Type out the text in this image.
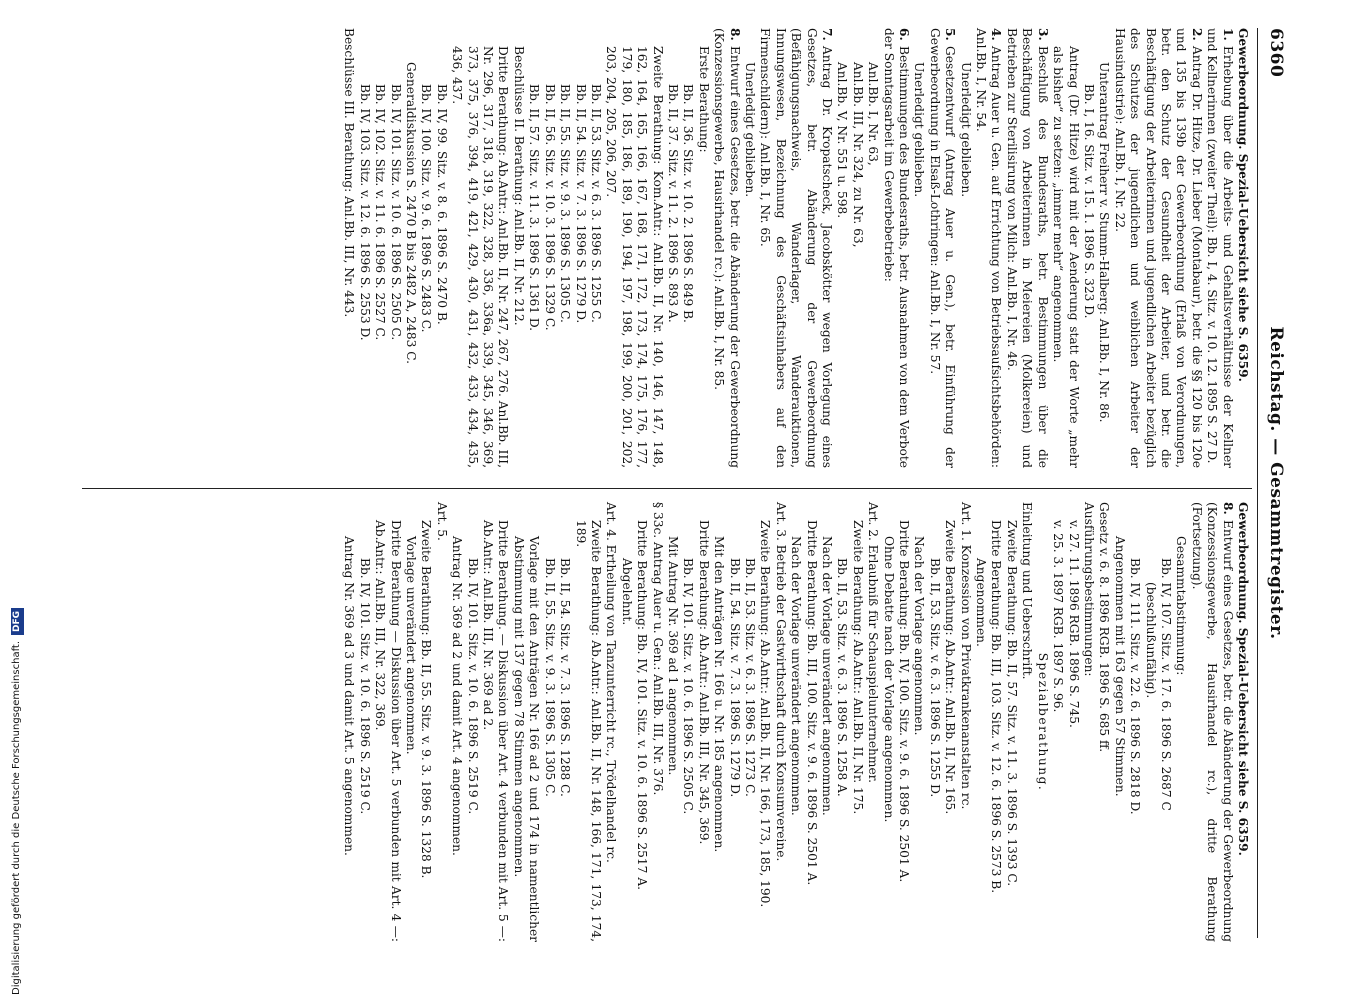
6360
Reichstag. — Gesammtregister.
Gewerbeordnung. Spezial-Uebersicht siehe S. 6359.
1.Erhebung über die Arbeits- und Gehaltsverhältnisse der Kellner und Kellnerinnen (zweiter Theil): Bb. I, 4. Sitz. v. 10. 12. 1895 S. 27 D.
2.Antrag Dr. Hitze, Dr. Lieber (Montabaur), betr. die §§ 120 bis 120e und 135 bis 139b der Gewerbeordnung (Erlaß von Verordnungen, betr. den Schutz der Gesundheit der Arbeiter, und betr. die Beschäftigung der Arbeiterinnen und jugendlichen Arbeiter bezüglich des Schutzes der jugendlichen und weiblichen Arbeiter der Hausindustrie): Anl.Bb. I, Nr. 22.
Unterantrag Freiherr v. Stumm-Halberg: Anl.Bb. I, Nr. 86.
Bb. I, 16. Sitz. v. 15. 1. 1896 S. 323 D.
Antrag (Dr. Hitze) wird mit der Aenderung statt der Worte „mehr als bisher“ zu setzen: „immer mehr“ angenommen.
3.Beschluß des Bundesraths, betr. Bestimmungen über die Beschäftigung von Arbeiterinnen in Meiereien (Molkereien) und Betrieben zur Sterilisirung von Milch: Anl.Bb. I, Nr. 46.
4.Antrag Auer u. Gen. auf Errichtung von Betriebsaufsichtsbehörden: Anl.Bb. I, Nr. 54.
Unerledigt geblieben.
5.Gesetzentwurf (Antrag Auer u. Gen.), betr. Einführung der Gewerbeordnung in Elsaß-Lothringen: Anl.Bb. I, Nr. 57.
Unerledigt geblieben.
6.Bestimmungen des Bundesraths, betr. Ausnahmen von dem Verbote der Sonntagsarbeit im Gewerbebetriebe:
Anl.Bb. I, Nr. 63,
Anl.Bb. III, Nr. 324, zu Nr. 63,
Anl.Bb. V, Nr. 551 u. 598.
7.Antrag Dr. Kropatscheck, Jacobskötter wegen Vorlegung eines Gesetzes, betr. Abänderung der Gewerbeordnung (Befähigungsnachweis, Wanderlager, Wanderauktionen, Innungswesen, Bezeichnung des Geschäftsinhabers auf den Firmenschildern): Anl.Bb. I, Nr. 65.
Unerledigt geblieben.
8.Entwurf eines Gesetzes, betr. die Abänderung der Gewerbeordnung (Konzessionsgewerbe, Hausirhandel rc.): Anl.Bb. I, Nr. 85.
Erste Berathung:
Bb. II, 36. Sitz. v. 10. 2. 1896 S. 849 B.
Bb. II, 37. Sitz. v. 11. 2. 1896 S. 893 A.
Zweite Berathung: Kom.Antr.: Anl.Bb. II, Nr. 140, 146, 147, 148, 162, 164, 165, 166, 167, 168, 171, 172, 173, 174, 175, 176, 177, 179, 180, 185, 186, 189, 190, 194, 197, 198, 199, 200, 201, 202, 203, 204, 205, 206, 207.
Bb. II, 53. Sitz. v. 6. 3. 1896 S. 1255 C.
Bb. II, 54. Sitz. v. 7. 3. 1896 S. 1279 D.
Bb. II, 55. Sitz. v. 9. 3. 1896 S. 1305 C.
Bb. II, 56. Sitz. v. 10. 3. 1896 S. 1329 C.
Bb. II, 57. Sitz. v. 11. 3. 1896 S. 1361 D.
Beschlüsse II. Berathung: Anl.Bb. II, Nr. 212.
Dritte Berathung: Ab.Antr.: Anl.Bb. II, Nr. 247, 267, 276. Anl.Bb. III, Nr. 296, 317, 318, 319, 322, 328, 336, 336a, 339, 345, 346, 369, 373, 375, 376, 394, 419, 421, 429, 430, 431, 432, 433, 434, 435, 436, 437.
Bb. IV, 99. Sitz. v. 8. 6. 1896 S. 2470 B.
Bb. IV, 100. Sitz. v. 9. 6. 1896 S. 2483 C.
Generaldiskussion S. 2470 B bis 2482 A, 2483 C.
Bb. IV, 101. Sitz. v. 10. 6. 1896 S. 2505 C.
Bb. IV, 102. Sitz. v. 11. 6. 1896 S. 2527 C.
Bb. IV, 103. Sitz. v. 12. 6. 1896 S. 2553 D.
Beschlüsse III. Berathung: Anl.Bb. III, Nr. 443.
Gewerbeordnung. Spezial-Uebersicht siehe S. 6359.
8.Entwurf eines Gesetzes, betr. die Abänderung der Gewerbeordnung (Konzessionsgewerbe, Hausirhandel rc.), dritte Berathung (Fortsetzung).
Gesammtabstimmung:
Bb. IV, 107. Sitz. v. 17. 6. 1896 S. 2687 C
(beschlußunfähig).
Bb. IV, 111. Sitz. v. 22. 6. 1896 S. 2818 D.
Angenommen mit 163 gegen 57 Stimmen.
Gesetz v. 6. 8. 1896 RGB. 1896 S. 685 ff.
Ausführungsbestimmungen:
v. 27. 11. 1896 RGB. 1896 S. 745.
v. 25. 3. 1897 RGB. 1897 S. 96.
Spezialberathung.
Einleitung und Ueberschrift.
Zweite Berathung: Bb. II, 57. Sitz. v. 11. 3. 1896 S. 1393 C.
Dritte Berathung: Bb. III, 103. Sitz. v. 12. 6. 1896 S. 2573 B.
Angenommen.
Art. 1. Konzession von Privatkrankenanstalten rc.
Zweite Berathung: Ab.Antr.: Anl.Bb. II, Nr. 165.
Bb. II, 53. Sitz. v. 6. 3. 1896 S. 1255 D.
Nach der Vorlage angenommen.
Dritte Berathung: Bb. IV, 100. Sitz. v. 9. 6. 1896 S. 2501 A.
Ohne Debatte nach der Vorlage angenommen.
Art. 2. Erlaubniß für Schauspielunternehmer.
Zweite Berathung: Ab.Antr.: Anl.Bb. II, Nr. 175.
Bb. II, 53. Sitz. v. 6. 3. 1896 S. 1258 A.
Nach der Vorlage unverändert angenommen.
Dritte Berathung: Bb. III, 100. Sitz. v. 9. 6. 1896 S. 2501 A.
Nach der Vorlage unverändert angenommen.
Art. 3. Betrieb der Gastwirthschaft durch Konsumvereine.
Zweite Berathung: Ab.Antr.: Anl.Bb. II, Nr. 166, 173, 185, 190.
Bb. II, 53. Sitz. v. 6. 3. 1896 S. 1273 C.
Bb. II, 54. Sitz. v. 7. 3. 1896 S. 1279 D.
Mit den Anträgen Nr. 166 u. Nr. 185 angenommen.
Dritte Berathung: Ab.Antr.: Anl.Bb. III, Nr. 345, 369.
Bb. IV, 101. Sitz. v. 10. 6. 1896 S. 2505 C.
Mit Antrag Nr. 369 ad 1 angenommen.
§ 33c. Antrag Auer u. Gen.: Anl.Bb. III, Nr. 376.
Dritte Berathung: Bb. IV, 101. Sitz. v. 10. 6. 1896 S. 2517 A.
Abgelehnt.
Art. 4. Ertheilung von Tanzunterricht rc., Trödelhandel rc.
Zweite Berathung: Ab.Antr.: Anl.Bb. II, Nr. 148, 166, 171, 173, 174, 189.
Bb. II, 54. Sitz. v. 7. 3. 1896 S. 1288 C.
Bb. II, 55. Sitz. v. 9. 3. 1896 S. 1305 C.
Vorlage mit den Anträgen Nr. 166 ad 2 und 174 in namentlicher Abstimmung mit 137 gegen 78 Stimmen angenommen.
Dritte Berathung. — Diskussion über Art. 4 verbunden mit Art. 5 —: Ab.Antr.: Anl.Bb. III, Nr. 369 ad 2.
Bb. IV, 101. Sitz. v. 10. 6. 1896 S. 2519 C.
Antrag Nr. 369 ad 2 und damit Art. 4 angenommen.
Art. 5.
Zweite Berathung: Bb. II, 55. Sitz. v. 9. 3. 1896 S. 1328 B.
Vorlage unverändert angenommen.
Dritte Berathung — Diskussion über Art. 5 verbunden mit Art. 4 —: Ab.Antr.: Anl.Bb. III, Nr. 322, 369.
Bb. IV, 101. Sitz. v. 10. 6. 1896 S. 2519 C.
Antrag Nr. 369 ad 3 und damit Art. 5 angenommen.
Digitalisierung gefördert durch die Deutsche Forschungsgemeinschaft.
DFG
